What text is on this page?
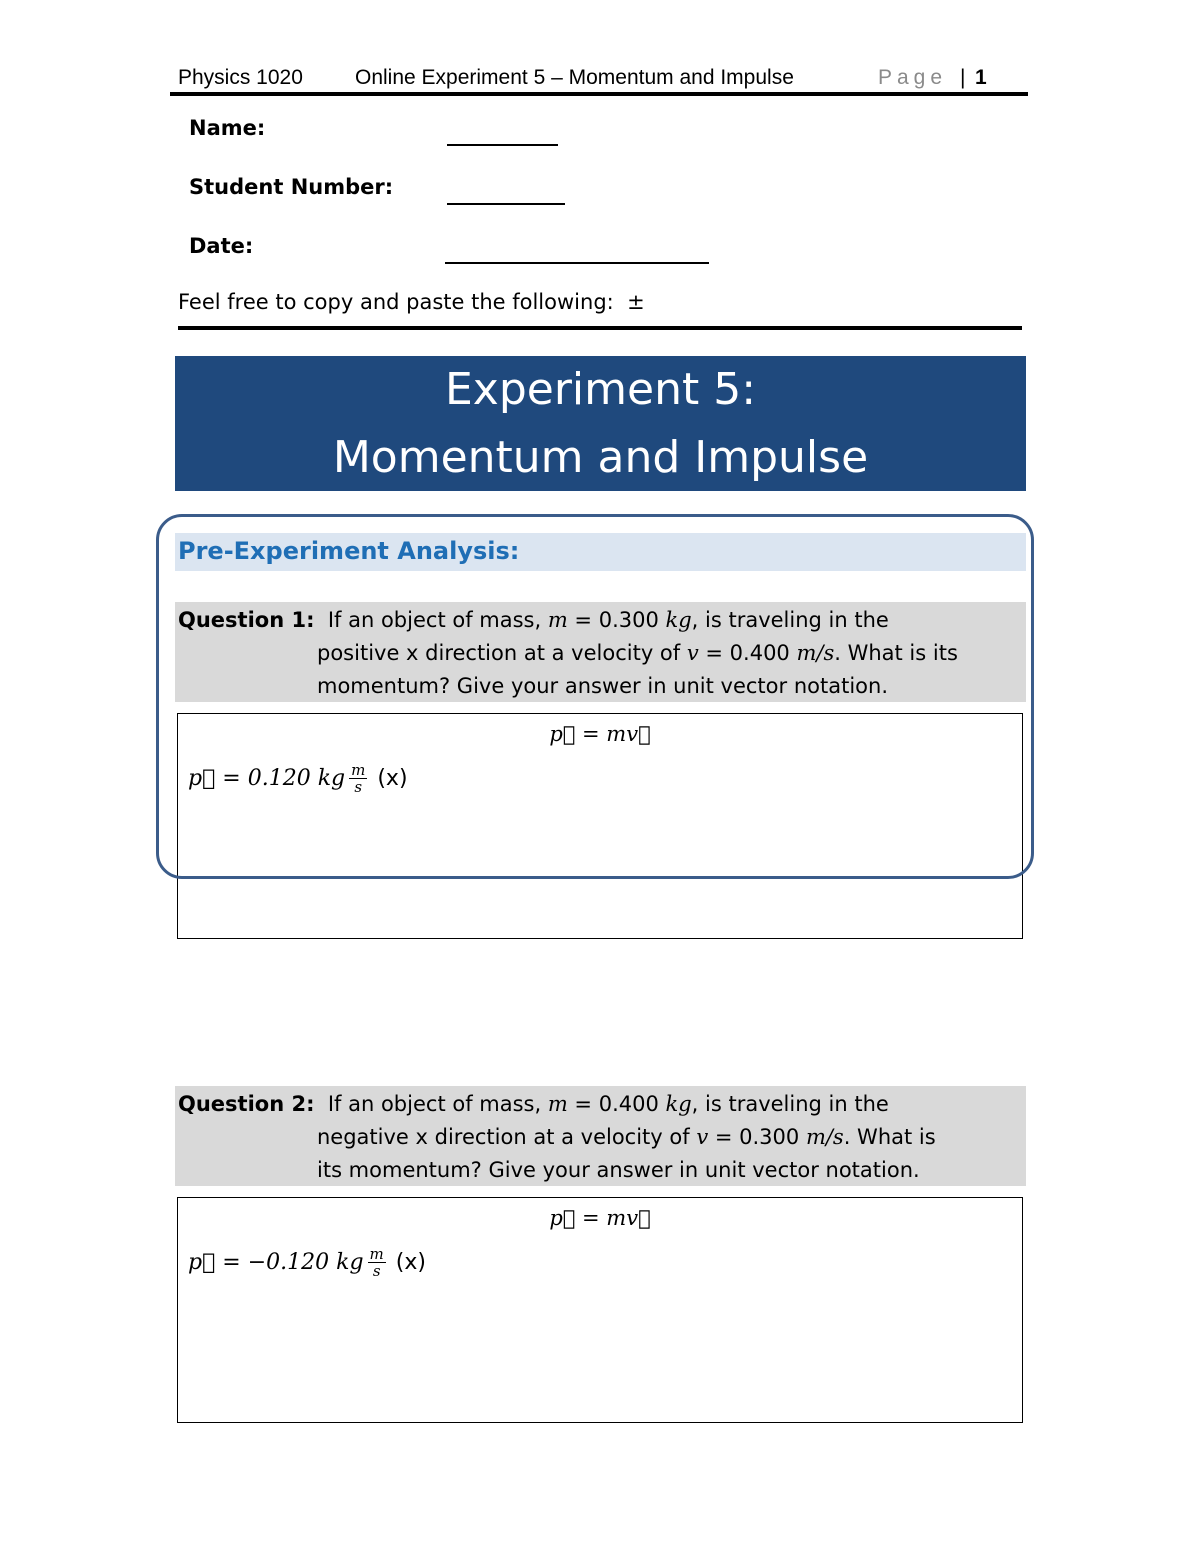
Physics 1020 Online Experiment 5 – Momentum and Impulse	Page | 1
Name:
Student Number:
Date:
Feel free to copy and paste the following:  ±
Experiment 5:
Momentum and Impulse
Pre-Experiment Analysis:
Question 1: If an object of mass, m = 0.300 kg, is traveling in the
positive x direction at a velocity of v = 0.400 m/s. What is its
momentum? Give your answer in unit vector notation.
p⃗ = mv⃗
p⃗ = 0.120 kg $\frac{m}{s} (x)$
Question 2: If an object of mass, m = 0.400 kg, is traveling in the
negative x direction at a velocity of v = 0.300 m/s. What is
its momentum? Give your answer in unit vector notation.
p⃗ = mv⃗
p⃗ = −0.120 kg $\frac{m}{s} (x)$
